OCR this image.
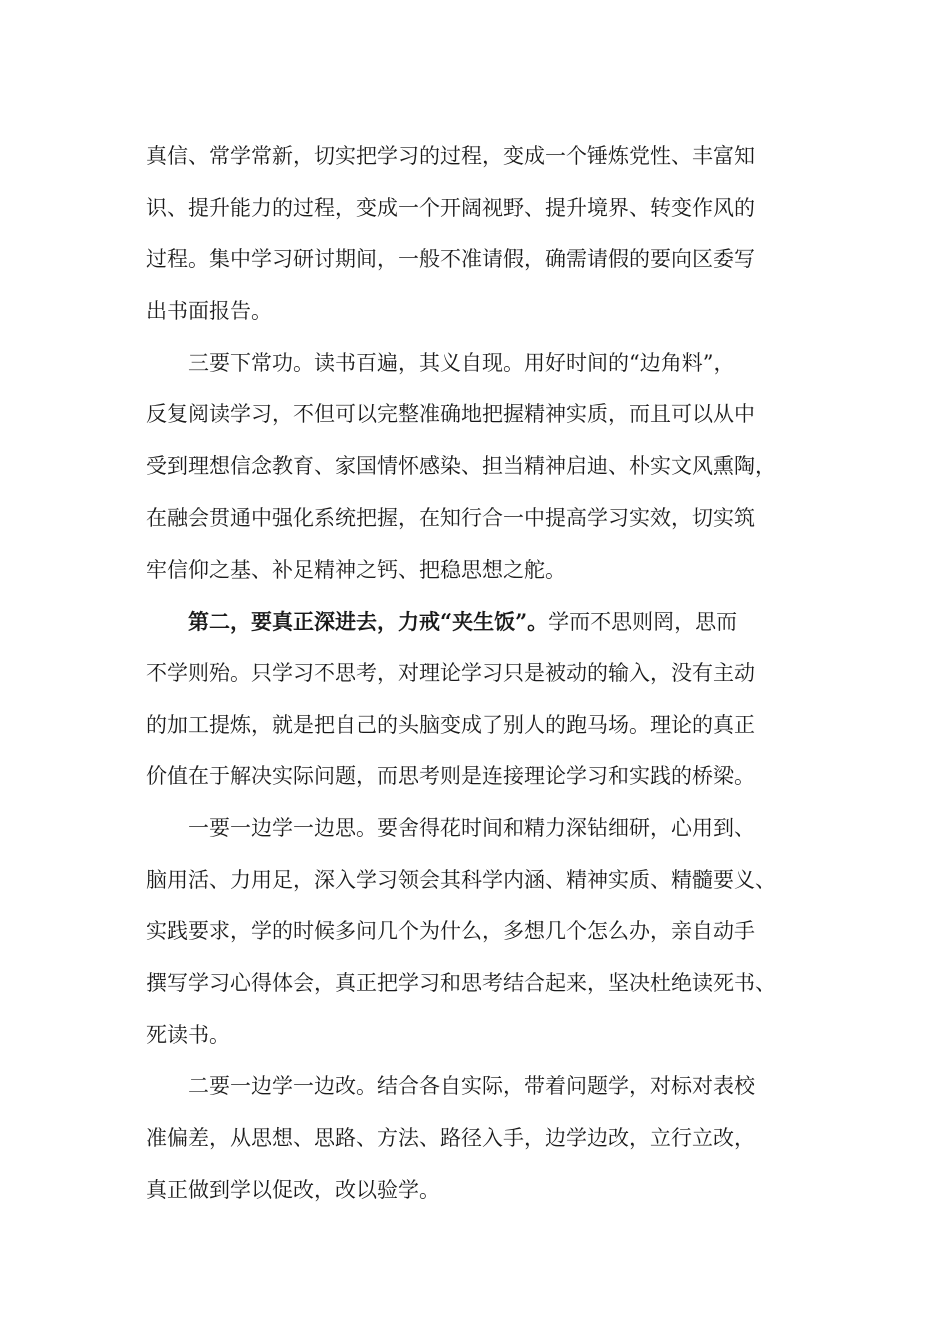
真信、常学常新，切实把学习的过程，变成一个锤炼党性、丰富知

识、提升能力的过程，变成一个开阔视野、提升境界、转变作风的

过程。集中学习研讨期间，一般不准请假，确需请假的要向区委写

出书面报告。

三要下常功。读书百遍，其义自现。用好时间的“边角料”，

反复阅读学习，不但可以完整准确地把握精神实质，而且可以从中

受到理想信念教育、家国情怀感染、担当精神启迪、朴实文风熏陶，

在融会贯通中强化系统把握，在知行合一中提高学习实效，切实筑

牢信仰之基、补足精神之钙、把稳思想之舵。

第二，要真正深进去，力戒“夹生饭”。学而不思则罔，思而

不学则殆。只学习不思考，对理论学习只是被动的输入，没有主动

的加工提炼，就是把自己的头脑变成了别人的跑马场。理论的真正

价值在于解决实际问题，而思考则是连接理论学习和实践的桥梁。

一要一边学一边思。要舍得花时间和精力深钻细研，心用到、

脑用活、力用足，深入学习领会其科学内涵、精神实质、精髓要义、

实践要求，学的时候多问几个为什么，多想几个怎么办，亲自动手

撰写学习心得体会，真正把学习和思考结合起来，坚决杜绝读死书、

死读书。

二要一边学一边改。结合各自实际，带着问题学，对标对表校

准偏差，从思想、思路、方法、路径入手，边学边改，立行立改，

真正做到学以促改，改以验学。
